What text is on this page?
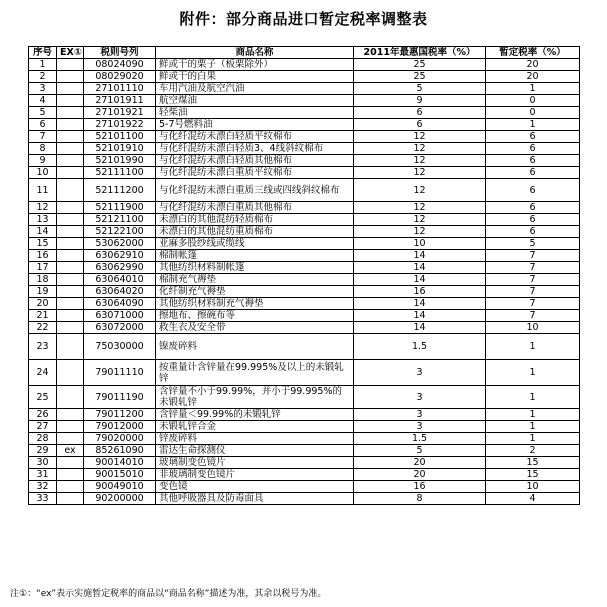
附件：部分商品进口暂定税率调整表
序号	EX①	税则号列	商品名称	2011年最惠国税率（%）	暂定税率（%）
1		08024090	鲜或干的栗子（板栗除外）	25	20
2		08029020	鲜或干的白果	25	20
3		27101110	车用汽油及航空汽油	5	1
4		27101911	航空煤油	9	0
5		27101921	轻柴油	6	0
6		27101922	5-7号燃料油	6	1
7		52101100	与化纤混纺未漂白轻质平纹棉布	12	6
8		52101910	与化纤混纺未漂白轻质3、4线斜纹棉布	12	6
9		52101990	与化纤混纺未漂白轻质其他棉布	12	6
10		52111100	与化纤混纺未漂白重质平纹棉布	12	6
11		52111200	与化纤混纺未漂白重质三线或四线斜纹棉布	12	6
12		52111900	与化纤混纺未漂白重质其他棉布	12	6
13		52121100	未漂白的其他混纺轻质棉布	12	6
14		52122100	未漂白的其他混纺重质棉布	12	6
15		53062000	亚麻多股纱线或缆线	10	5
16		63062910	棉制帐篷	14	7
17		63062990	其他纺织材料制帐篷	14	7
18		63064010	棉制充气褥垫	14	7
19		63064020	化纤制充气褥垫	16	7
20		63064090	其他纺织材料制充气褥垫	14	7
21		63071000	擦地布、擦碗布等	14	7
22		63072000	救生衣及安全带	14	10
23		75030000	镍废碎料	1.5	1
24		79011110	按重量计含锌量在99.995%及以上的未锻轧锌	3	1
25		79011190	含锌量不小于99.99%，并小于99.995%的未锻轧锌	3	1
26		79011200	含锌量＜99.99%的未锻轧锌	3	1
27		79012000	未锻轧锌合金	3	1
28		79020000	锌废碎料	1.5	1
29	ex	85261090	雷达生命探测仪	5	2
30		90014010	玻璃制变色镜片	20	15
31		90015010	非玻璃制变色镜片	20	15
32		90049010	变色镜	16	10
33		90200000	其他呼吸器具及防毒面具	8	4
注①：“ex”表示实施暂定税率的商品以“商品名称”描述为准，其余以税号为准。
